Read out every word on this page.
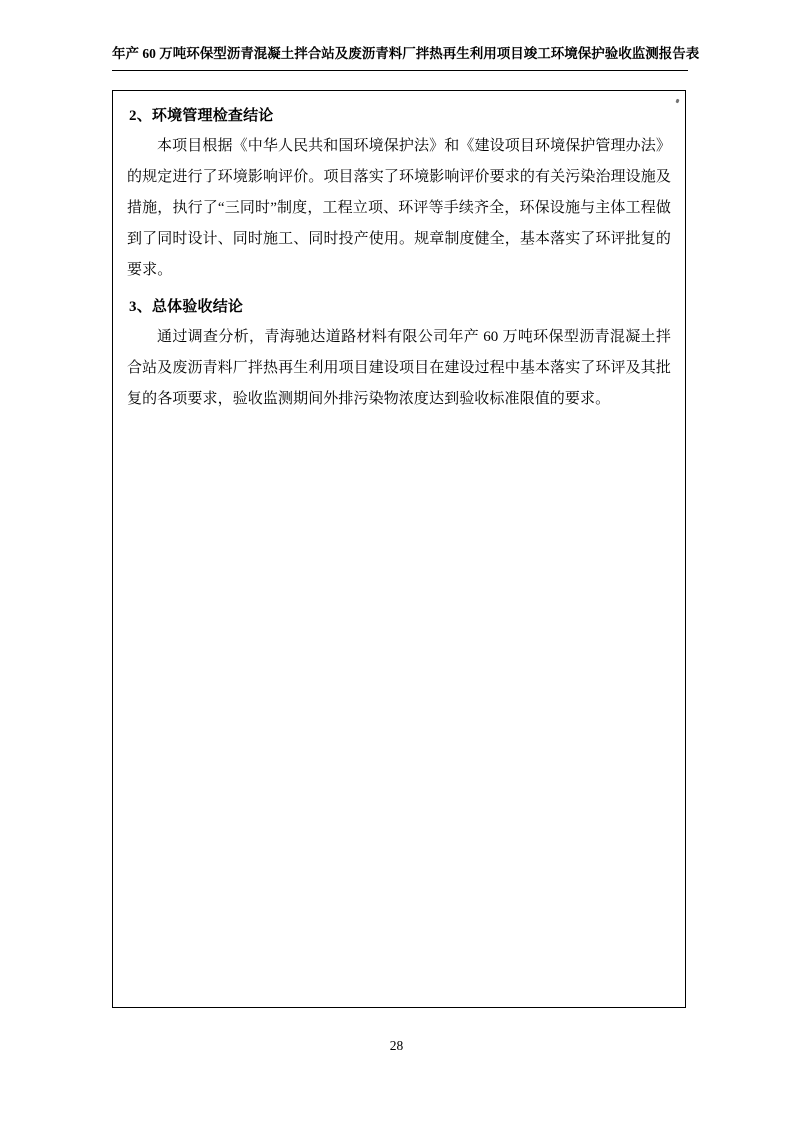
年产 60 万吨环保型沥青混凝土拌合站及废沥青料厂拌热再生利用项目竣工环境保护验收监测报告表
2、环境管理检查结论

本项目根据《中华人民共和国环境保护法》和《建设项目环境保护管理办法》的规定进行了环境影响评价。项目落实了环境影响评价要求的有关污染治理设施及措施，执行了“三同时”制度，工程立项、环评等手续齐全，环保设施与主体工程做到了同时设计、同时施工、同时投产使用。规章制度健全，基本落实了环评批复的要求。

3、总体验收结论

通过调查分析，青海驰达道路材料有限公司年产 60 万吨环保型沥青混凝土拌合站及废沥青料厂拌热再生利用项目建设项目在建设过程中基本落实了环评及其批复的各项要求，验收监测期间外排污染物浓度达到验收标准限值的要求。

28
